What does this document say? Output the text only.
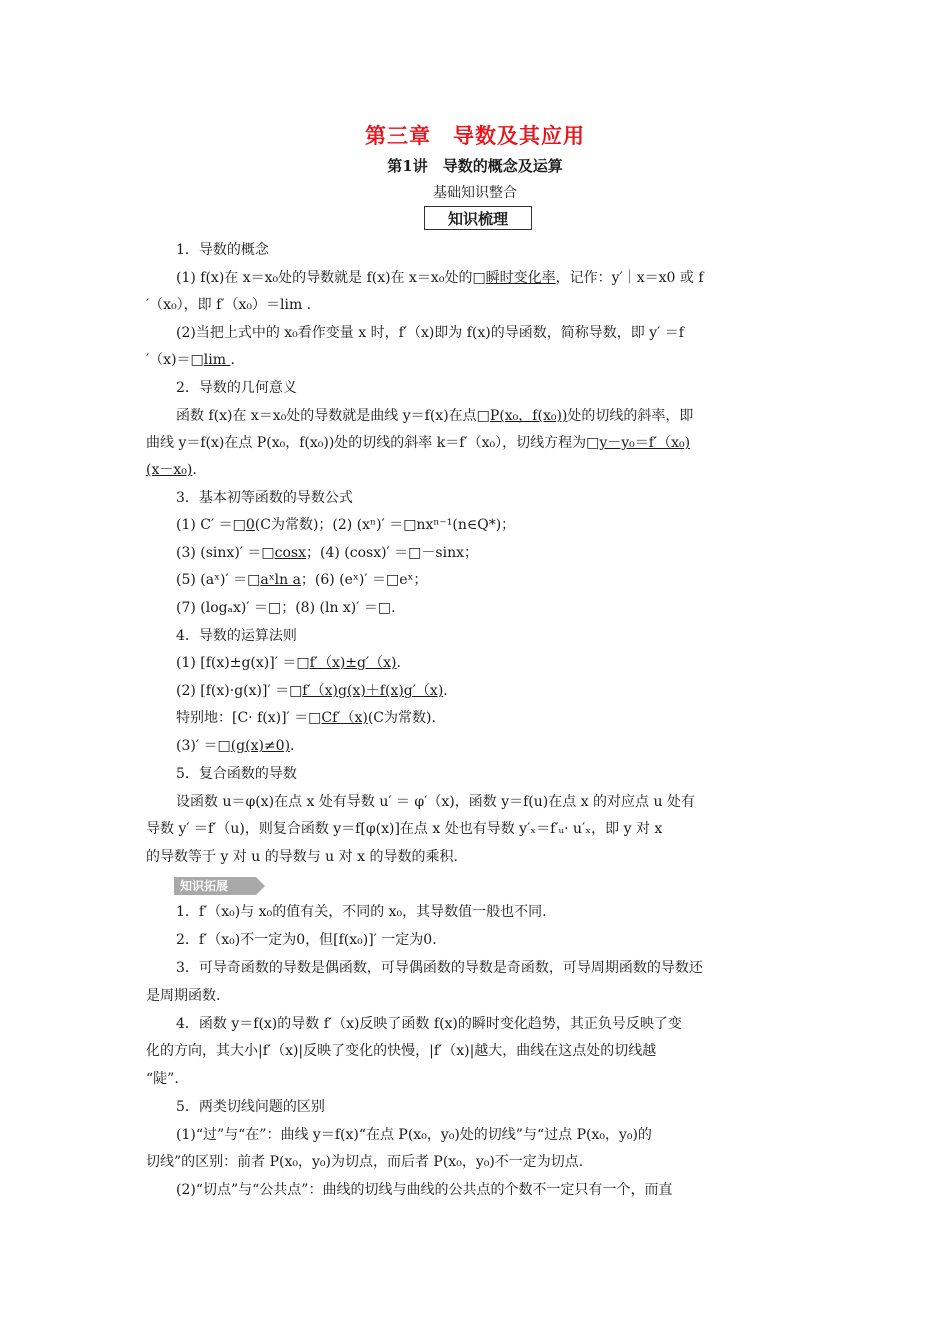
第三章　导数及其应用
第1讲　导数的概念及运算
基础知识整合
知识梳理
知识拓展
1．导数的概念
(1) f(x)在 x＝x₀处的导数就是 f(x)在 x＝x₀处的□瞬时变化率，记作：y′｜x＝x0 或 f
′（x₀），即 f′（x₀）＝lim .
(2)当把上式中的 x₀看作变量 x 时，f′（x)即为 f(x)的导函数，简称导数，即 y′ ＝f
′（x)＝□lim .
2．导数的几何意义
函数 f(x)在 x＝x₀处的导数就是曲线 y＝f(x)在点□P(x₀，f(x₀))处的切线的斜率，即
曲线 y＝f(x)在点 P(x₀，f(x₀))处的切线的斜率 k＝f′（x₀），切线方程为□y－y₀＝f′（x₀)
(x－x₀).
3．基本初等函数的导数公式
(1) C′ ＝□0(C为常数)；(2) (xⁿ)′ ＝□nxⁿ⁻¹(n∈Q*)；
(3) (sinx)′ ＝□cosx；(4) (cosx)′ ＝□－sinx；
(5) (aˣ)′ ＝□aˣln a；(6) (eˣ)′ ＝□eˣ；
(7) (logₐx)′ ＝□；(8) (ln x)′ ＝□.
4．导数的运算法则
(1) [f(x)±g(x)]′ ＝□f′（x)±g′（x).
(2) [f(x)·g(x)]′ ＝□f′（x)g(x)＋f(x)g′（x).
特别地：[C· f(x)]′ ＝□Cf′（x)(C为常数).
(3)′ ＝□(g(x)≠0).
5．复合函数的导数
设函数 u＝φ(x)在点 x 处有导数 u′ ＝ φ′（x)，函数 y＝f(u)在点 x 的对应点 u 处有
导数 y′ ＝f′（u)，则复合函数 y＝f[φ(x)]在点 x 处也有导数 y′ₓ＝f′ᵤ· u′ₓ，即 y 对 x
的导数等于 y 对 u 的导数与 u 对 x 的导数的乘积.
1．f′（x₀)与 x₀的值有关，不同的 x₀，其导数值一般也不同.
2．f′（x₀)不一定为0，但[f(x₀)]′ 一定为0.
3．可导奇函数的导数是偶函数，可导偶函数的导数是奇函数，可导周期函数的导数还
是周期函数.
4．函数 y＝f(x)的导数 f′（x)反映了函数 f(x)的瞬时变化趋势，其正负号反映了变
化的方向，其大小|f′（x)|反映了变化的快慢，|f′（x)|越大，曲线在这点处的切线越
“陡”.
5．两类切线问题的区别
(1)“过”与“在”：曲线 y＝f(x)“在点 P(x₀，y₀)处的切线”与“过点 P(x₀，y₀)的
切线”的区别：前者 P(x₀，y₀)为切点，而后者 P(x₀，y₀)不一定为切点.
(2)“切点”与“公共点”：曲线的切线与曲线的公共点的个数不一定只有一个，而直
